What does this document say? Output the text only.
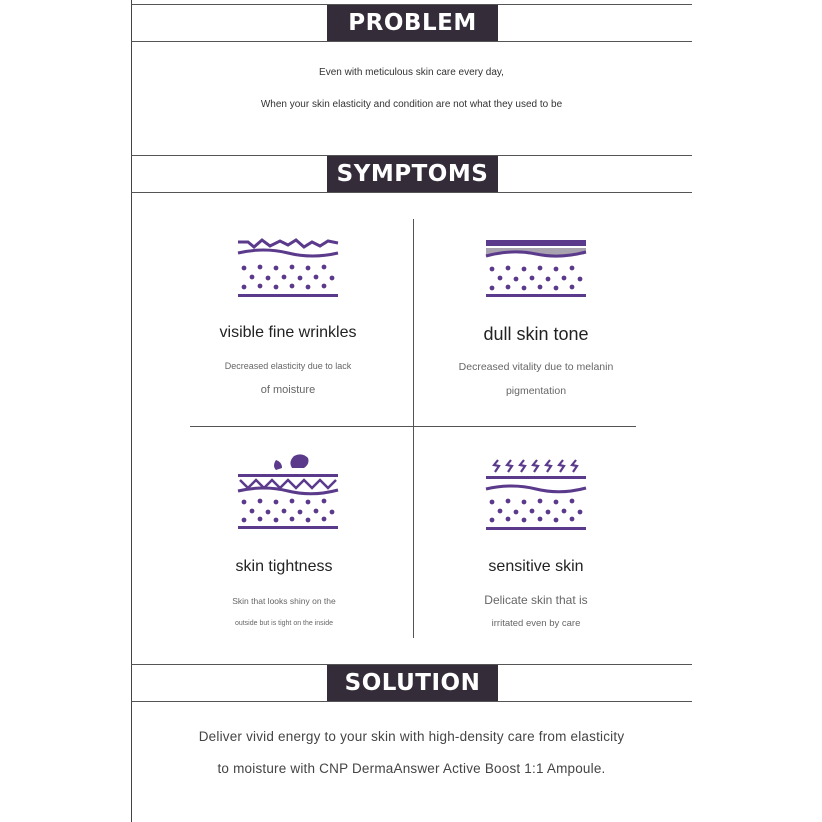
PROBLEM
Even with meticulous skin care every day,
When your skin elasticity and condition are not what they used to be
SYMPTOMS
visible fine wrinkles
Decreased elasticity due to lack
of moisture
dull skin tone
Decreased vitality due to melanin
pigmentation
skin tightness
Skin that looks shiny on the
outside but is tight on the inside
sensitive skin
Delicate skin that is
irritated even by care
SOLUTION
Deliver vivid energy to your skin with high-density care from elasticity
to moisture with CNP DermaAnswer Active Boost 1:1 Ampoule.
